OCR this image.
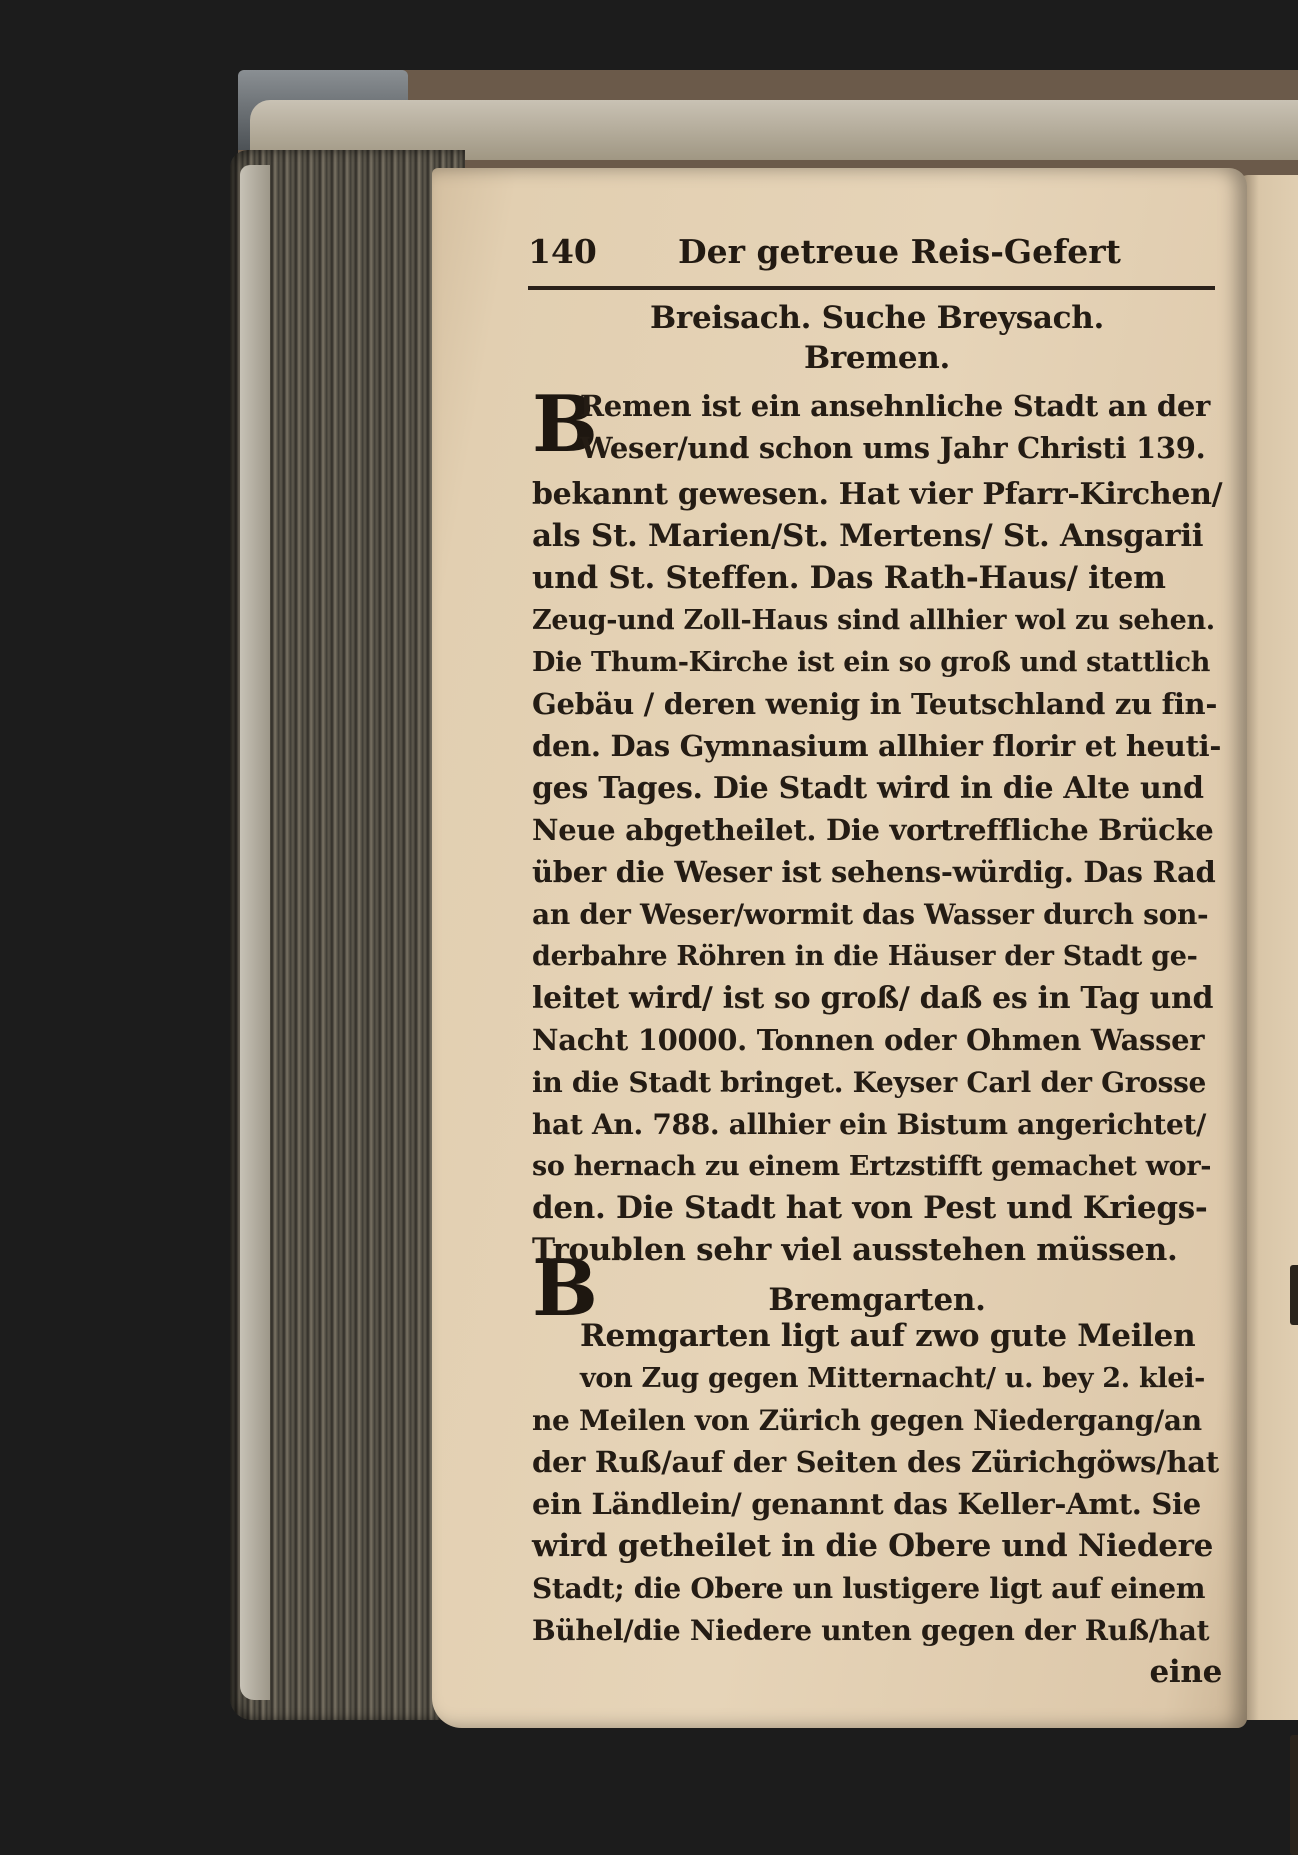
140 Der getreue Reis-Gefert
B
B
Breisach. Suche Breysach.
Bremen.
Remen ist ein ansehnliche Stadt an der
Weser/und schon ums Jahr Christi 139.
bekannt gewesen. Hat vier Pfarr-Kirchen/
als St. Marien/St. Mertens/ St. Ansgarii
und St. Steffen. Das Rath-Haus/ item
Zeug-und Zoll-Haus sind allhier wol zu sehen.
Die Thum-Kirche ist ein so groß und stattlich
Gebäu / deren wenig in Teutschland zu fin-
den. Das Gymnasium allhier florir et heuti-
ges Tages. Die Stadt wird in die Alte und
Neue abgetheilet. Die vortreffliche Brücke
über die Weser ist sehens-würdig. Das Rad
an der Weser/wormit das Wasser durch son-
derbahre Röhren in die Häuser der Stadt ge-
leitet wird/ ist so groß/ daß es in Tag und
Nacht 10000. Tonnen oder Ohmen Wasser
in die Stadt bringet. Keyser Carl der Grosse
hat An. 788. allhier ein Bistum angerichtet/
so hernach zu einem Ertzstifft gemachet wor-
den. Die Stadt hat von Pest und Kriegs-
Troublen sehr viel ausstehen müssen.
Bremgarten.
Remgarten ligt auf zwo gute Meilen
von Zug gegen Mitternacht/ u. bey 2. klei-
ne Meilen von Zürich gegen Niedergang/an
der Ruß/auf der Seiten des Zürichgöws/hat
ein Ländlein/ genannt das Keller-Amt. Sie
wird getheilet in die Obere und Niedere
Stadt; die Obere un lustigere ligt auf einem
Bühel/die Niedere unten gegen der Ruß/hat
eine
